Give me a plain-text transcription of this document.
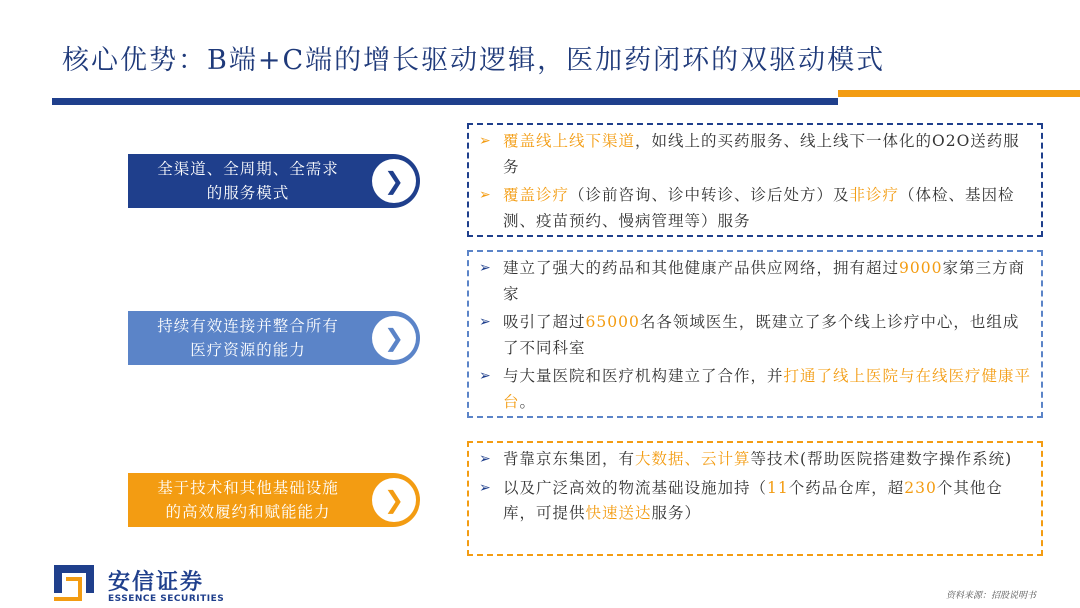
核心优势：B端+C端的增长驱动逻辑，医加药闭环的双驱动模式
全渠道、全周期、全需求
的服务模式	❯
➢ 覆盖线上线下渠道，如线上的买药服务、线上线下一体化的O2O送药服务
➢ 覆盖诊疗（诊前咨询、诊中转诊、诊后处方）及非诊疗（体检、基因检测、疫苗预约、慢病管理等）服务
持续有效连接并整合所有
医疗资源的能力	❯
➢ 建立了强大的药品和其他健康产品供应网络，拥有超过9000家第三方商家
➢ 吸引了超过65000名各领域医生，既建立了多个线上诊疗中心，也组成了不同科室
➢ 与大量医院和医疗机构建立了合作，并打通了线上医院与在线医疗健康平台。
基于技术和其他基础设施
的高效履约和赋能能力	❯
➢ 背靠京东集团，有大数据、云计算等技术(帮助医院搭建数字操作系统)
➢ 以及广泛高效的物流基础设施加持（11个药品仓库，超230个其他仓库，可提供快速送达服务）
安信证券
ESSENCE SECURITIES	资料来源：招股说明书
